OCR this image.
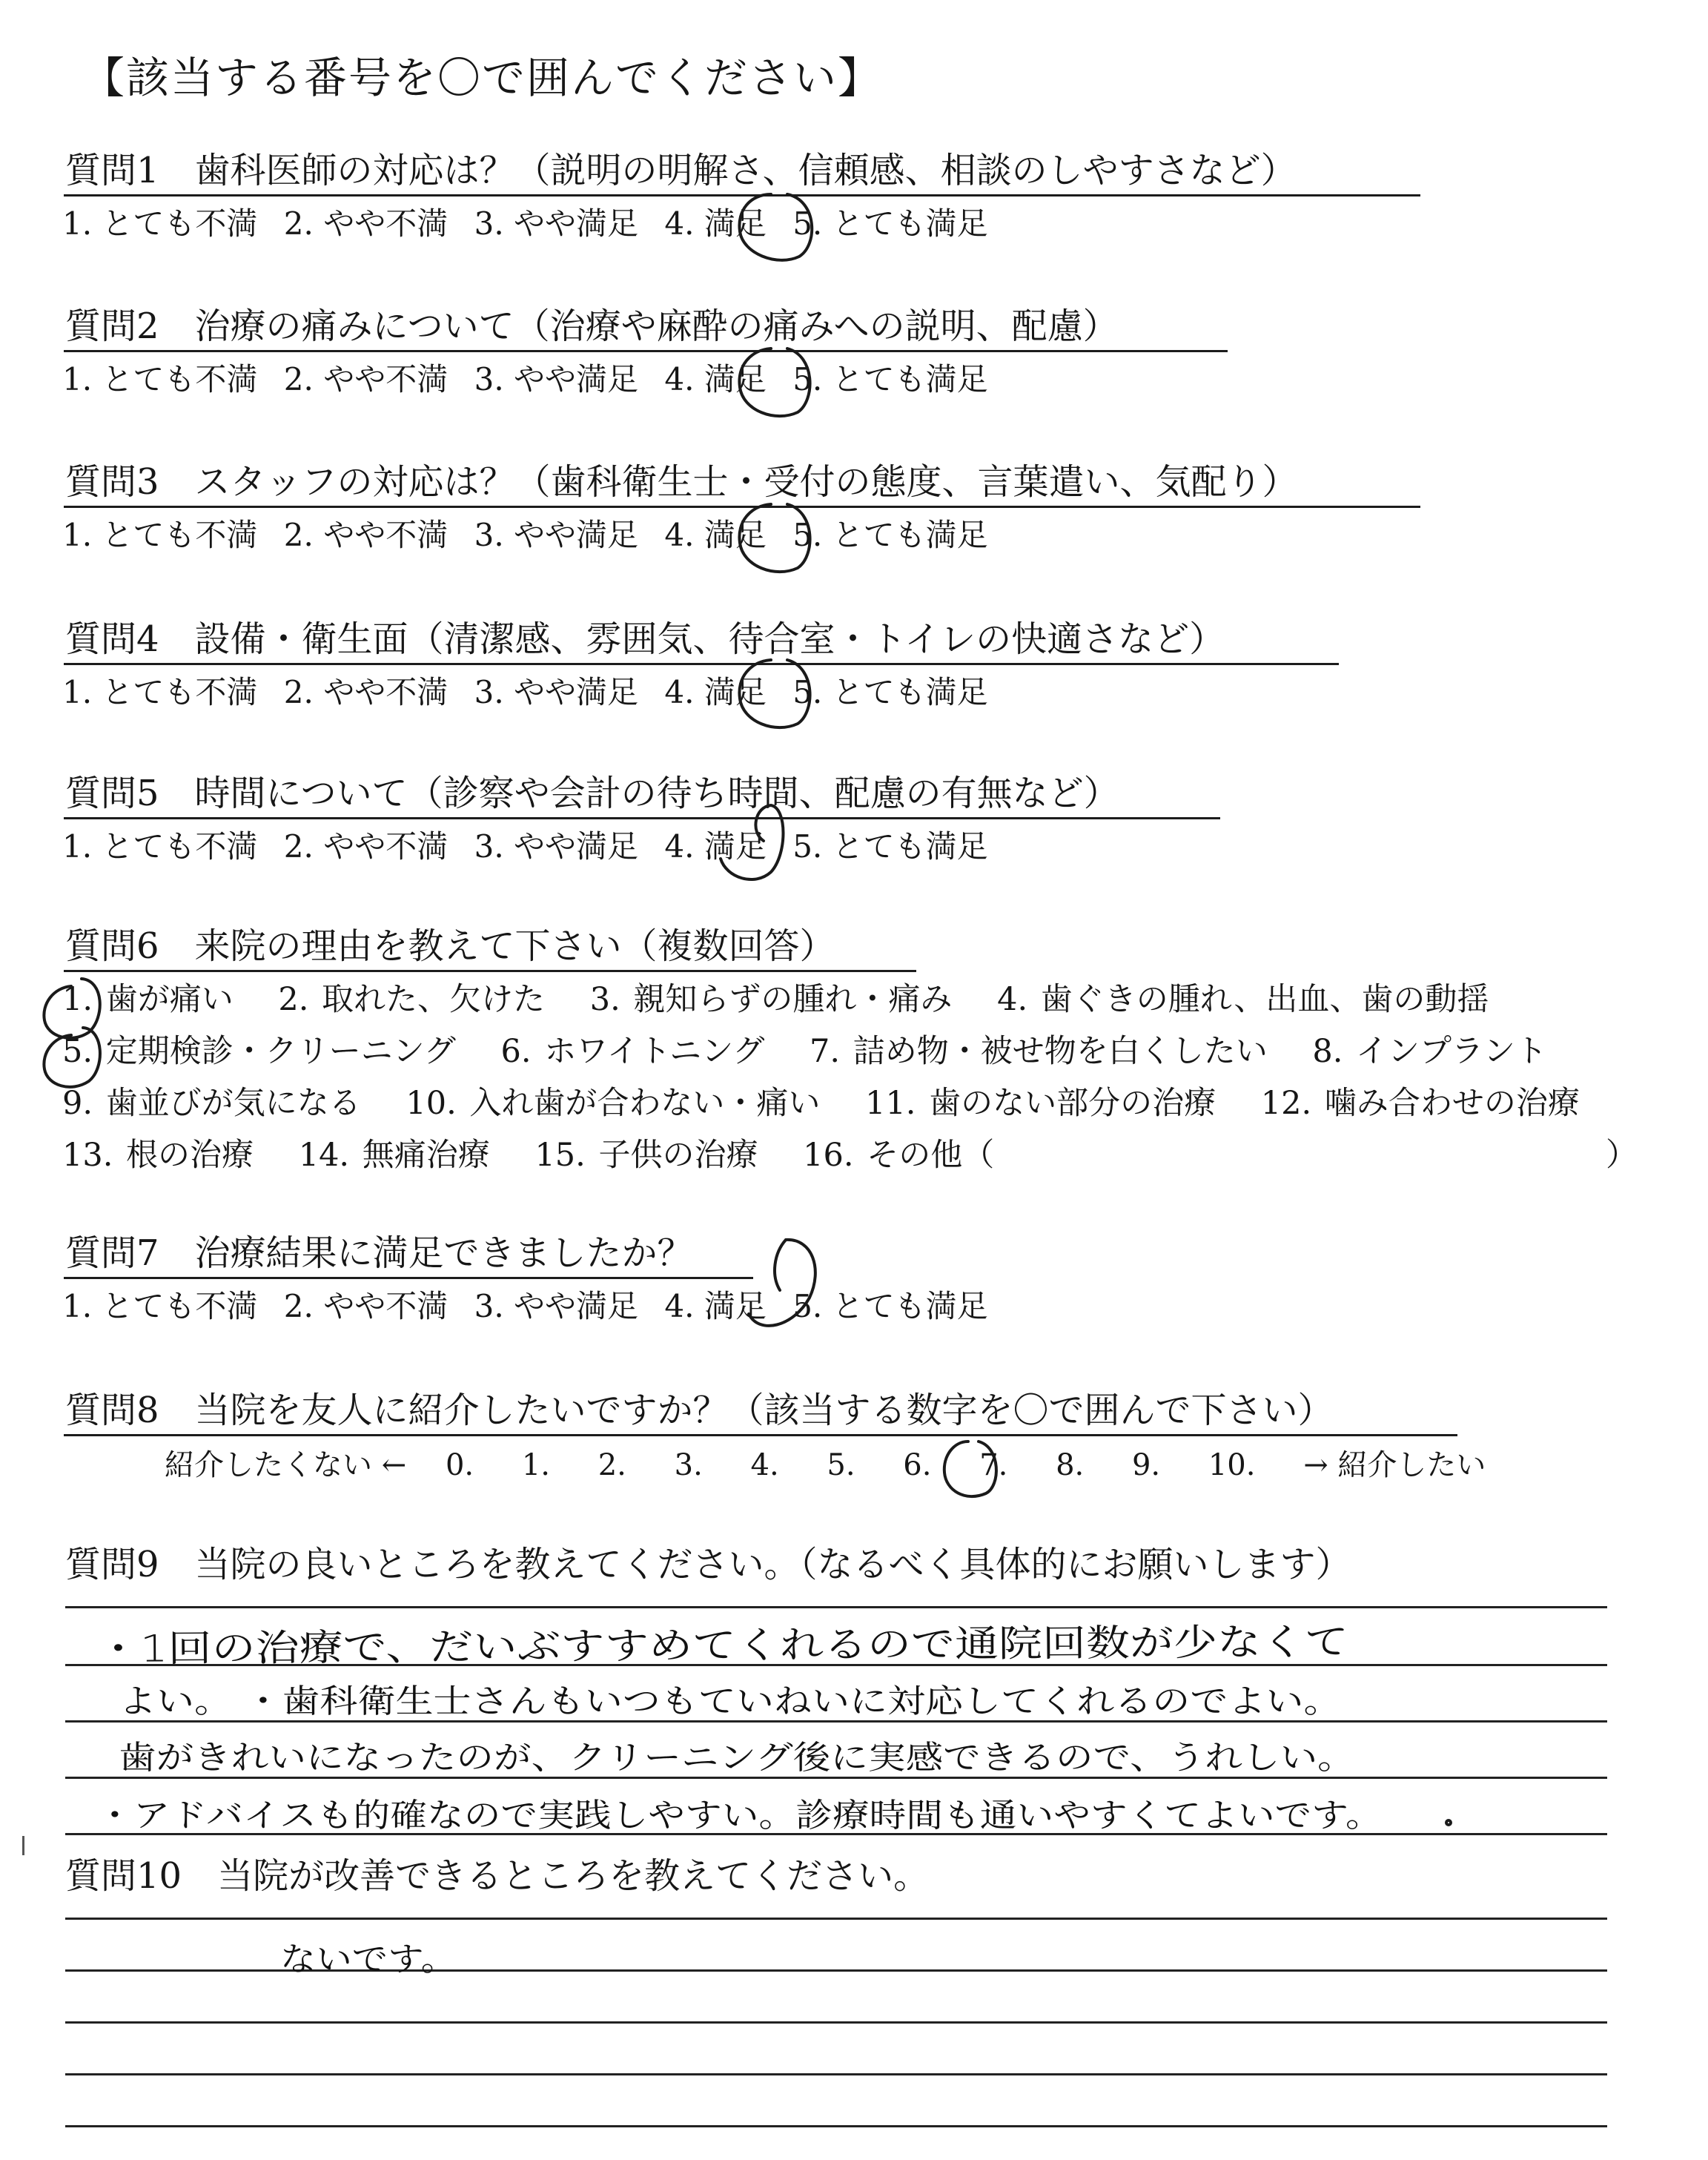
【該当する番号を〇で囲んでください】
質問1　歯科医師の対応は？（説明の明解さ、信頼感、相談のしやすさなど）
1. とても不満 2. やや不満 3. やや満足 4. 満足 5. とても満足
質問2　治療の痛みについて（治療や麻酔の痛みへの説明、配慮）
1. とても不満 2. やや不満 3. やや満足 4. 満足 5. とても満足
質問3　スタッフの対応は？（歯科衛生士・受付の態度、言葉遣い、気配り）
1. とても不満 2. やや不満 3. やや満足 4. 満足 5. とても満足
質問4　設備・衛生面（清潔感、雰囲気、待合室・トイレの快適さなど）
1. とても不満 2. やや不満 3. やや満足 4. 満足 5. とても満足
質問5　時間について（診察や会計の待ち時間、配慮の有無など）
1. とても不満 2. やや不満 3. やや満足 4. 満足 5. とても満足
質問6　来院の理由を教えて下さい（複数回答）
1. 歯が痛い　 2. 取れた、欠けた　 3. 親知らずの腫れ・痛み　 4. 歯ぐきの腫れ、出血、歯の動揺
5. 定期検診・クリーニング　 6. ホワイトニング　 7. 詰め物・被せ物を白くしたい　 8. インプラント
9. 歯並びが気になる　 10. 入れ歯が合わない・痛い　 11. 歯のない部分の治療　 12. 噛み合わせの治療
13. 根の治療　 14. 無痛治療　 15. 子供の治療　 16. その他（	）
質問7　治療結果に満足できましたか？
1. とても不満 2. やや不満 3. やや満足 4. 満足 5. とても満足
質問8　当院を友人に紹介したいですか？（該当する数字を〇で囲んで下さい）
紹介したくない ← 0. 1. 2. 3. 4. 5. 6. 7. 8. 9. 10. → 紹介したい
質問9　当院の良いところを教えてください。（なるべく具体的にお願いします）
・1回の治療で、だいぶすすめてくれるので通院回数が少なくて
よい。 ・歯科衛生士さんもいつもていねいに対応してくれるのでよい。
歯がきれいになったのが、クリーニング後に実感できるので、うれしい。
・アドバイスも的確なので実践しやすい。診療時間も通いやすくてよいです。
質問10　当院が改善できるところを教えてください。
ないです。
